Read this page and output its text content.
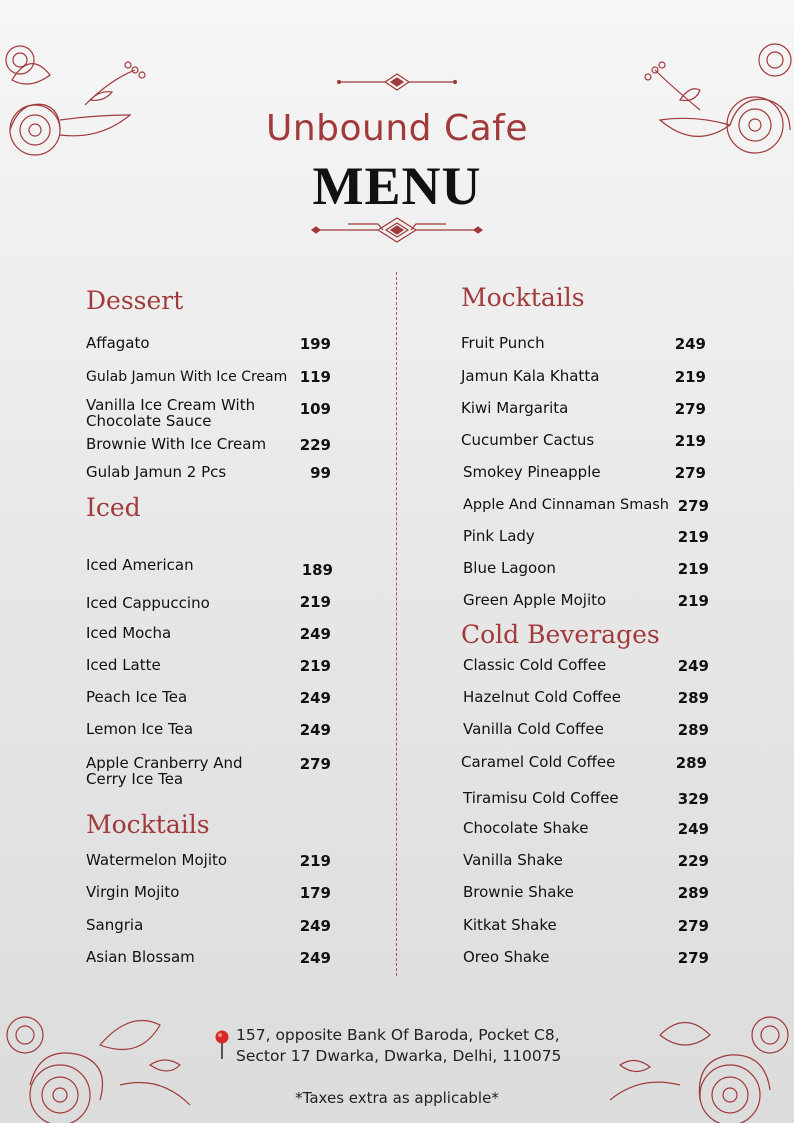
Unbound Cafe
MENU
Dessert
Affagato	199
Gulab Jamun With Ice Cream 119
Vanilla Ice Cream With Chocolate Sauce
109
Brownie With Ice Cream	229
Gulab Jamun 2 Pcs	99
Iced
Iced American	189
Iced Cappuccino	219
Iced Mocha	249
Iced Latte	219
Peach Ice Tea	249
Lemon Ice Tea	249
Apple Cranberry And Cerry Ice Tea
279
Mocktails
Watermelon Mojito	219
Virgin Mojito	179
Sangria	249
Asian Blossam	249
Mocktails
Fruit Punch	249
Jamun Kala Khatta	219
Kiwi Margarita	279
Cucumber Cactus	219
Smokey Pineapple	279
Apple And Cinnaman Smash 279
Pink Lady	219
Blue Lagoon	219
Green Apple Mojito	219
Cold Beverages
Classic Cold Coffee	249
Hazelnut Cold Coffee	289
Vanilla Cold Coffee	289
Caramel Cold Coffee	289
Tiramisu Cold Coffee	329
Chocolate Shake	249
Vanilla Shake	229
Brownie Shake	289
Kitkat Shake	279
Oreo Shake	279
157, opposite Bank Of Baroda, Pocket C8,
Sector 17 Dwarka, Dwarka, Delhi, 110075
*Taxes extra as applicable*
